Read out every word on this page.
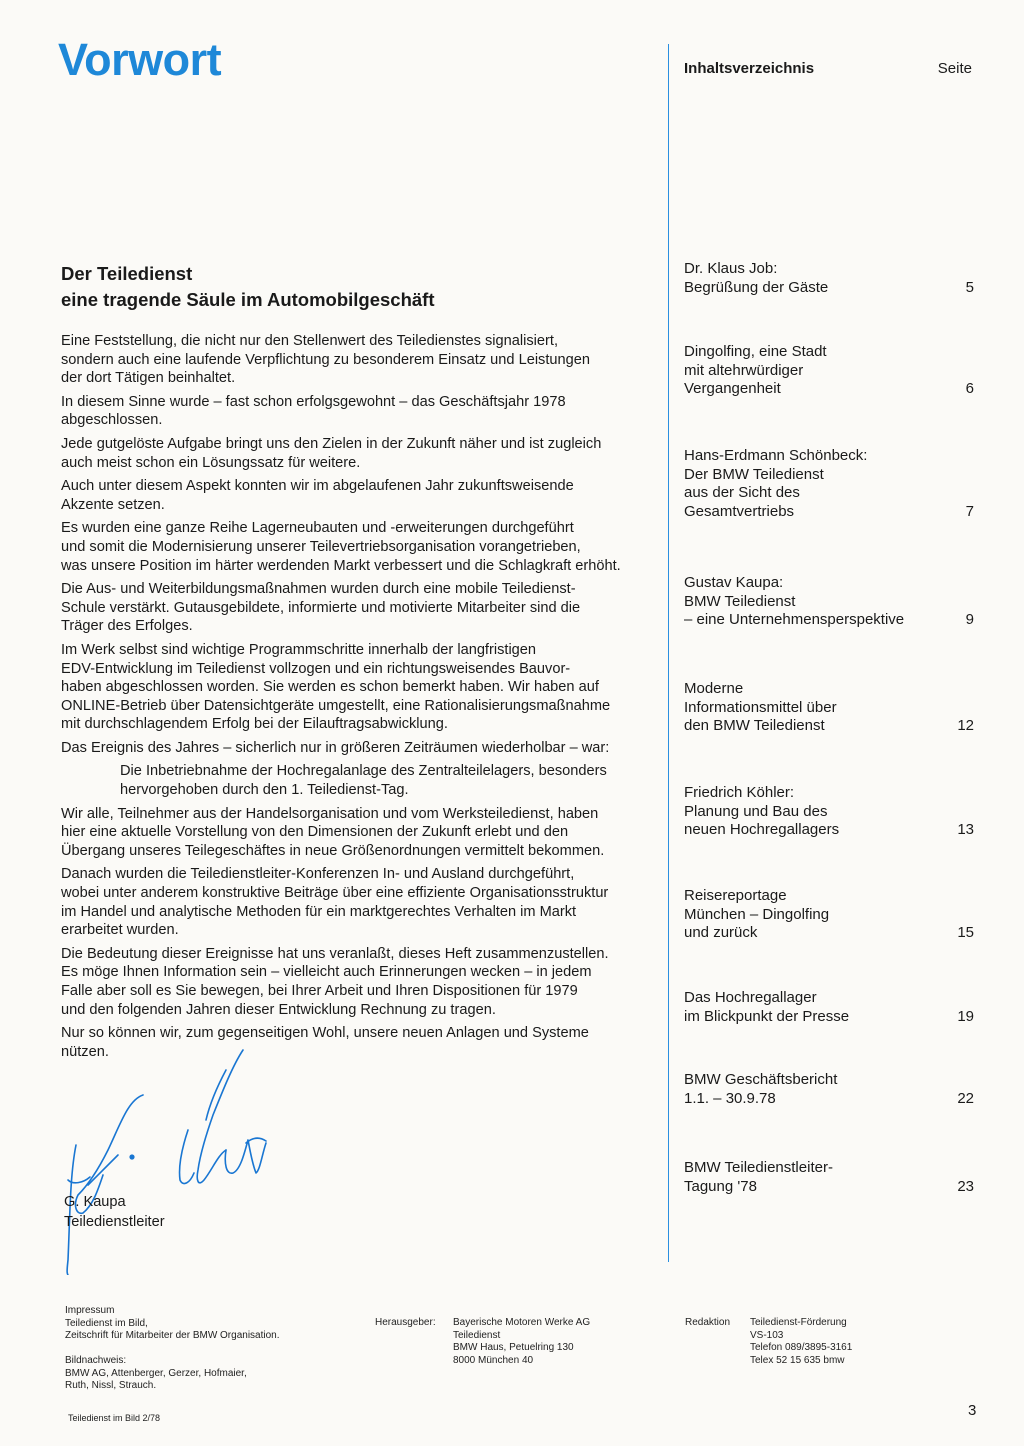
Vorwort	Inhaltsverzeichnis	Seite
Der Teiledienst
eine tragende Säule im Automobilgeschäft

Eine Feststellung, die nicht nur den Stellenwert des Teiledienstes signalisiert,
sondern auch eine laufende Verpflichtung zu besonderem Einsatz und Leistungen
der dort Tätigen beinhaltet.

In diesem Sinne wurde – fast schon erfolgsgewohnt – das Geschäftsjahr 1978
abgeschlossen.

Jede gutgelöste Aufgabe bringt uns den Zielen in der Zukunft näher und ist zugleich
auch meist schon ein Lösungssatz für weitere.

Auch unter diesem Aspekt konnten wir im abgelaufenen Jahr zukunftsweisende
Akzente setzen.

Es wurden eine ganze Reihe Lagerneubauten und -erweiterungen durchgeführt
und somit die Modernisierung unserer Teilevertriebsorganisation vorangetrieben,
was unsere Position im härter werdenden Markt verbessert und die Schlagkraft erhöht.

Die Aus- und Weiterbildungsmaßnahmen wurden durch eine mobile Teiledienst-
Schule verstärkt. Gutausgebildete, informierte und motivierte Mitarbeiter sind die
Träger des Erfolges.

Im Werk selbst sind wichtige Programmschritte innerhalb der langfristigen
EDV-Entwicklung im Teiledienst vollzogen und ein richtungsweisendes Bauvor-
haben abgeschlossen worden. Sie werden es schon bemerkt haben. Wir haben auf
ONLINE-Betrieb über Datensichtgeräte umgestellt, eine Rationalisierungsmaßnahme
mit durchschlagendem Erfolg bei der Eilauftragsabwicklung.

Das Ereignis des Jahres – sicherlich nur in größeren Zeiträumen wiederholbar – war:

Die Inbetriebnahme der Hochregalanlage des Zentralteilelagers, besonders
hervorgehoben durch den 1. Teiledienst-Tag.

Wir alle, Teilnehmer aus der Handelsorganisation und vom Werksteiledienst, haben
hier eine aktuelle Vorstellung von den Dimensionen der Zukunft erlebt und den
Übergang unseres Teilegeschäftes in neue Größenordnungen vermittelt bekommen.

Danach wurden die Teiledienstleiter-Konferenzen In- und Ausland durchgeführt,
wobei unter anderem konstruktive Beiträge über eine effiziente Organisationsstruktur
im Handel und analytische Methoden für ein marktgerechtes Verhalten im Markt
erarbeitet wurden.

Die Bedeutung dieser Ereignisse hat uns veranlaßt, dieses Heft zusammenzustellen.
Es möge Ihnen Information sein – vielleicht auch Erinnerungen wecken – in jedem
Falle aber soll es Sie bewegen, bei Ihrer Arbeit und Ihren Dispositionen für 1979
und den folgenden Jahren dieser Entwicklung Rechnung zu tragen.

Nur so können wir, zum gegenseitigen Wohl, unsere neuen Anlagen und Systeme
nützen.

G. Kaupa
Teiledienstleiter
Dr. Klaus Job:
Begrüßung der Gäste	5
Dingolfing, eine Stadt
mit altehrwürdiger
Vergangenheit	6
Hans-Erdmann Schönbeck:
Der BMW Teiledienst
aus der Sicht des
Gesamtvertriebs	7
Gustav Kaupa:
BMW Teiledienst
– eine Unternehmensperspektive	9
Moderne
Informationsmittel über
den BMW Teiledienst	12
Friedrich Köhler:
Planung und Bau des
neuen Hochregallagers	13
Reisereportage
München – Dingolfing
und zurück	15
Das Hochregallager
im Blickpunkt der Presse	19
BMW Geschäftsbericht
1.1. – 30.9.78	22
BMW Teiledienstleiter-
Tagung '78	23

Impressum

Teiledienst im Bild,

Zeitschrift für Mitarbeiter der BMW Organisation.

Bildnachweis:

BMW AG, Attenberger, Gerzer, Hofmaier,

Ruth, Nissl, Strauch.

Herausgeber: Bayerische Motoren Werke AG

Teiledienst

BMW Haus, Petuelring 130

8000 München 40

Redaktion Teiledienst-Förderung

VS-103

Telefon 089/3895-3161

Telex 52 15 635 bmw

Teiledienst im Bild 2/78	3
